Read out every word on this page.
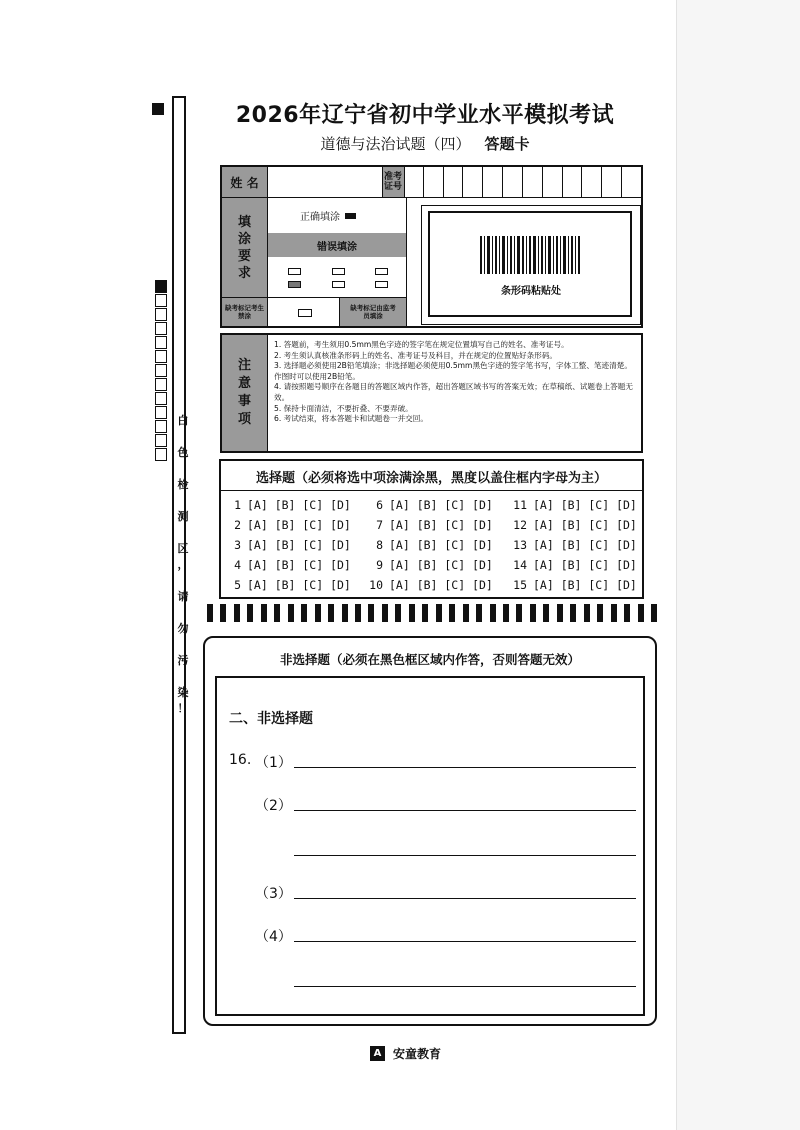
白
色
检
测
区
，
请
勿
污
染
！
2026年辽宁省初中学业水平模拟考试
道德与法治试题（四） 答题卡
姓 名	准考证号
填涂要求
正确填涂
错误填涂
缺考标记考生禁涂
缺考标记由监考员填涂
条形码粘贴处
注意事项
1. 答题前，考生须用0.5mm黑色字迹的签字笔在规定位置填写自己的姓名、准考证号。
2. 考生须认真核准条形码上的姓名、准考证号及科目，并在规定的位置贴好条形码。
3. 选择题必须使用2B铅笔填涂；非选择题必须使用0.5mm黑色字迹的签字笔书写，字体工整、笔迹清楚。作图时可以使用2B铅笔。
4. 请按照题号顺序在各题目的答题区域内作答，超出答题区域书写的答案无效；在草稿纸、试题卷上答题无效。
5. 保持卡面清洁，不要折叠、不要弄破。
6. 考试结束，将本答题卡和试题卷一并交回。
选择题（必须将选中项涂满涂黑，黑度以盖住框内字母为主）
1 [A] [B] [C] [D]
2 [A] [B] [C] [D]
3 [A] [B] [C] [D]
4 [A] [B] [C] [D]
5 [A] [B] [C] [D]
6 [A] [B] [C] [D]
7 [A] [B] [C] [D]
8 [A] [B] [C] [D]
9 [A] [B] [C] [D]
10 [A] [B] [C] [D]
11 [A] [B] [C] [D]
12 [A] [B] [C] [D]
13 [A] [B] [C] [D]
14 [A] [B] [C] [D]
15 [A] [B] [C] [D]
非选择题（必须在黑色框区域内作答，否则答题无效）
二、非选择题
16. （1）
（2）
（3）
（4）
A 安童教育
